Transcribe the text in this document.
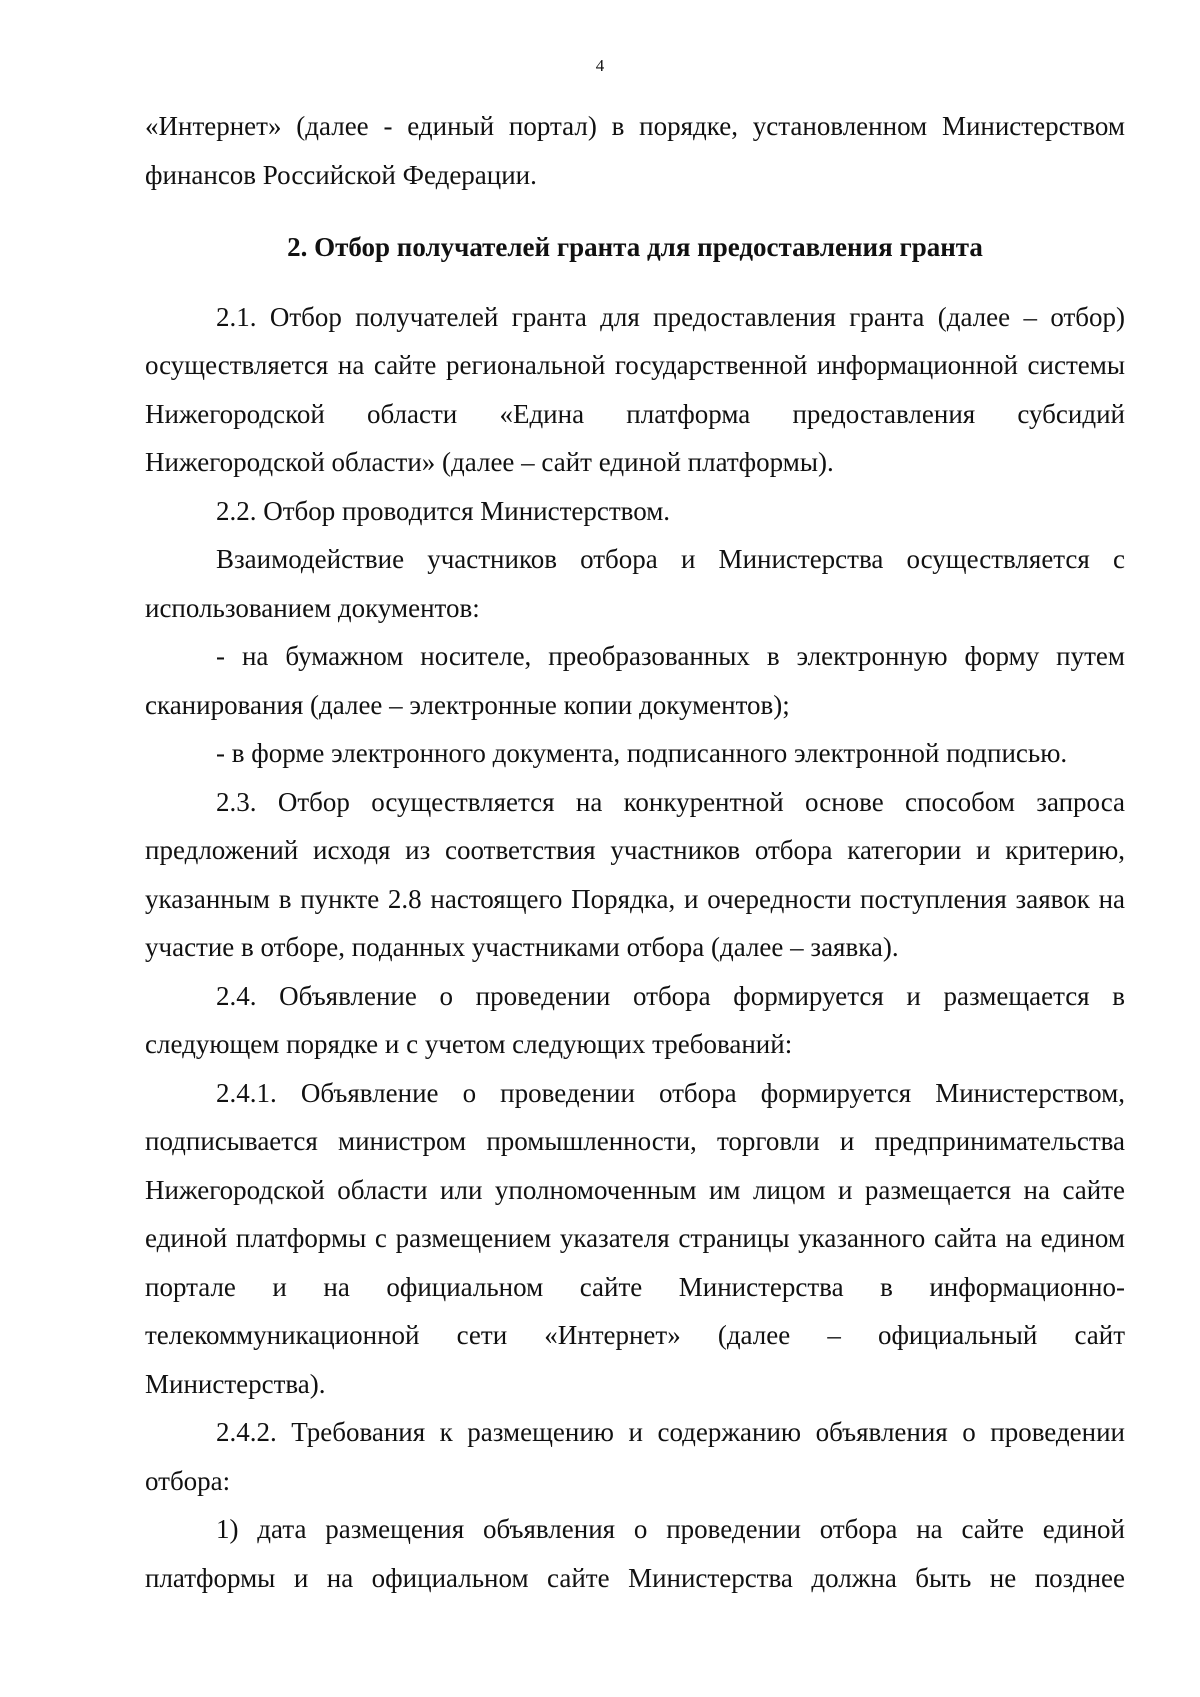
4

«Интернет» (далее - единый портал) в порядке, установленном Министерством финансов Российской Федерации.

2. Отбор получателей гранта для предоставления гранта

2.1. Отбор получателей гранта для предоставления гранта (далее – отбор) осуществляется на сайте региональной государственной информационной системы Нижегородской области «Едина платформа предоставления субсидий Нижегородской области» (далее – сайт единой платформы).

2.2. Отбор проводится Министерством.

Взаимодействие участников отбора и Министерства осуществляется с использованием документов:

- на бумажном носителе, преобразованных в электронную форму путем сканирования (далее – электронные копии документов);

- в форме электронного документа, подписанного электронной подписью.

2.3. Отбор осуществляется на конкурентной основе способом запроса предложений исходя из соответствия участников отбора категории и критерию, указанным в пункте 2.8 настоящего Порядка, и очередности поступления заявок на участие в отборе, поданных участниками отбора (далее – заявка).

2.4. Объявление о проведении отбора формируется и размещается в следующем порядке и с учетом следующих требований:

2.4.1. Объявление о проведении отбора формируется Министерством, подписывается министром промышленности, торговли и предпринимательства Нижегородской области или уполномоченным им лицом и размещается на сайте единой платформы с размещением указателя страницы указанного сайта на едином портале и на официальном сайте Министерства в информационно-телекоммуникационной сети «Интернет» (далее – официальный сайт Министерства).

2.4.2. Требования к размещению и содержанию объявления о проведении отбора:

1) дата размещения объявления о проведении отбора на сайте единой платформы и на официальном сайте Министерства должна быть не позднее
